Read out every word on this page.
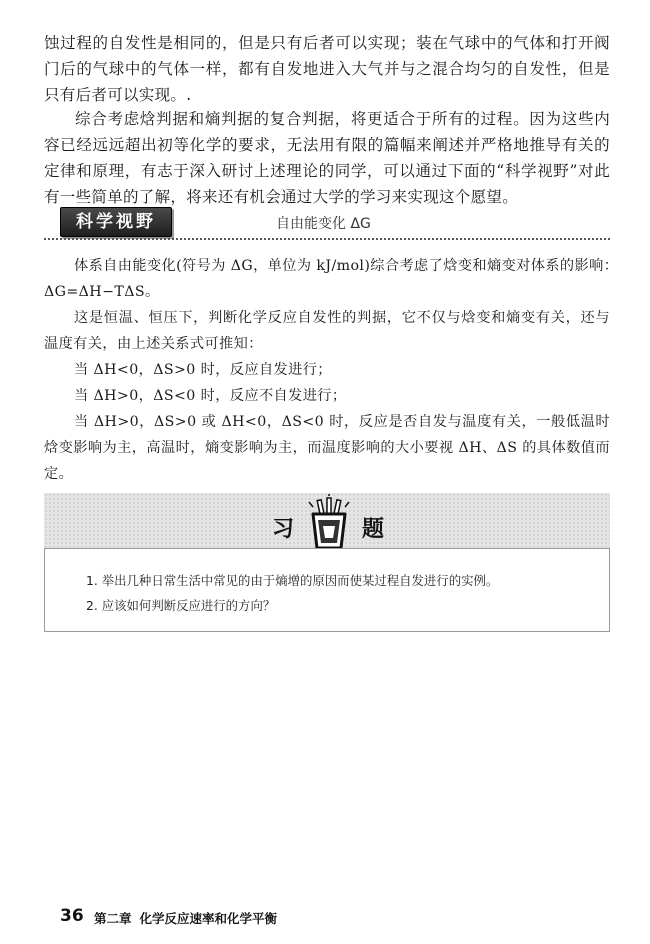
蚀过程的自发性是相同的，但是只有后者可以实现；装在气球中的气体和打开阀门后的气球中的气体一样，都有自发地进入大气并与之混合均匀的自发性，但是只有后者可以实现。.

综合考虑焓判据和熵判据的复合判据，将更适合于所有的过程。因为这些内容已经远远超出初等化学的要求，无法用有限的篇幅来阐述并严格地推导有关的定律和原理，有志于深入研讨上述理论的同学，可以通过下面的“科学视野”对此有一些简单的了解，将来还有机会通过大学的学习来实现这个愿望。

科学视野	自由能变化 ΔG

体系自由能变化(符号为 ΔG，单位为 kJ/mol)综合考虑了焓变和熵变对体系的影响：

ΔG=ΔH−TΔS。

这是恒温、恒压下，判断化学反应自发性的判据，它不仅与焓变和熵变有关，还与温度有关，由上述关系式可推知：

当 ΔH<0，ΔS>0 时，反应自发进行；

当 ΔH>0，ΔS<0 时，反应不自发进行；

当 ΔH>0，ΔS>0 或 ΔH<0，ΔS<0 时，反应是否自发与温度有关，一般低温时焓变影响为主，高温时，熵变影响为主，而温度影响的大小要视 ΔH、ΔS 的具体数值而定。

习	题

1. 举出几种日常生活中常见的由于熵增的原因而使某过程自发进行的实例。

2. 应该如何判断反应进行的方向？

36 第二章 化学反应速率和化学平衡
